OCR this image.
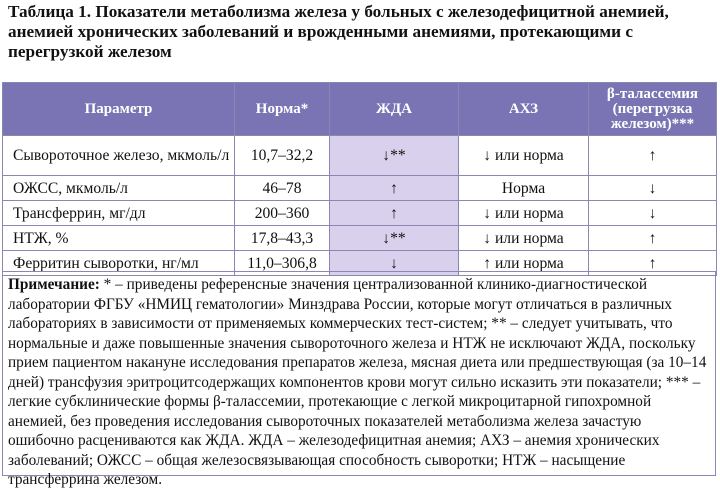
Таблица 1. Показатели метаболизма железа у больных с железодефицитной анемией, анемией хронических заболеваний и врожденными анемиями, протекающими с перегрузкой железом
Параметр	Норма*	ЖДА	АХЗ	β-талассемия (перегрузка железом)***
Сывороточное железо, мкмоль/л	10,7–32,2	↓**	↓ или норма	↑
ОЖСС, мкмоль/л	46–78	↑	Норма	↓
Трансферрин, мг/дл	200–360	↑	↓ или норма	↓
НТЖ, %	17,8–43,3	↓**	↓ или норма	↑
Ферритин сыворотки, нг/мл	11,0–306,8	↓	↑ или норма	↑
Примечание: * – приведены референсные значения централизованной клинико-диагностической лаборатории ФГБУ «НМИЦ гематологии» Минздрава России, которые могут отличаться в различных лабораториях в зависимости от применяемых коммерческих тест-систем; ** – следует учитывать, что нормальные и даже повышенные значения сывороточного железа и НТЖ не исключают ЖДА, поскольку прием пациентом накануне исследования препаратов железа, мясная диета или предшествующая (за 10–14 дней) трансфузия эритроцитсодержащих компонентов крови могут сильно исказить эти показатели; *** – легкие субклинические формы β-талассемии, протекающие с легкой микроцитарной гипохромной анемией, без проведения исследования сывороточных показателей метаболизма железа зачастую ошибочно расцениваются как ЖДА. ЖДА – железодефицитная анемия; АХЗ – анемия хронических заболеваний; ОЖСС – общая железосвязывающая способность сыворотки; НТЖ – насыщение трансферрина железом.
